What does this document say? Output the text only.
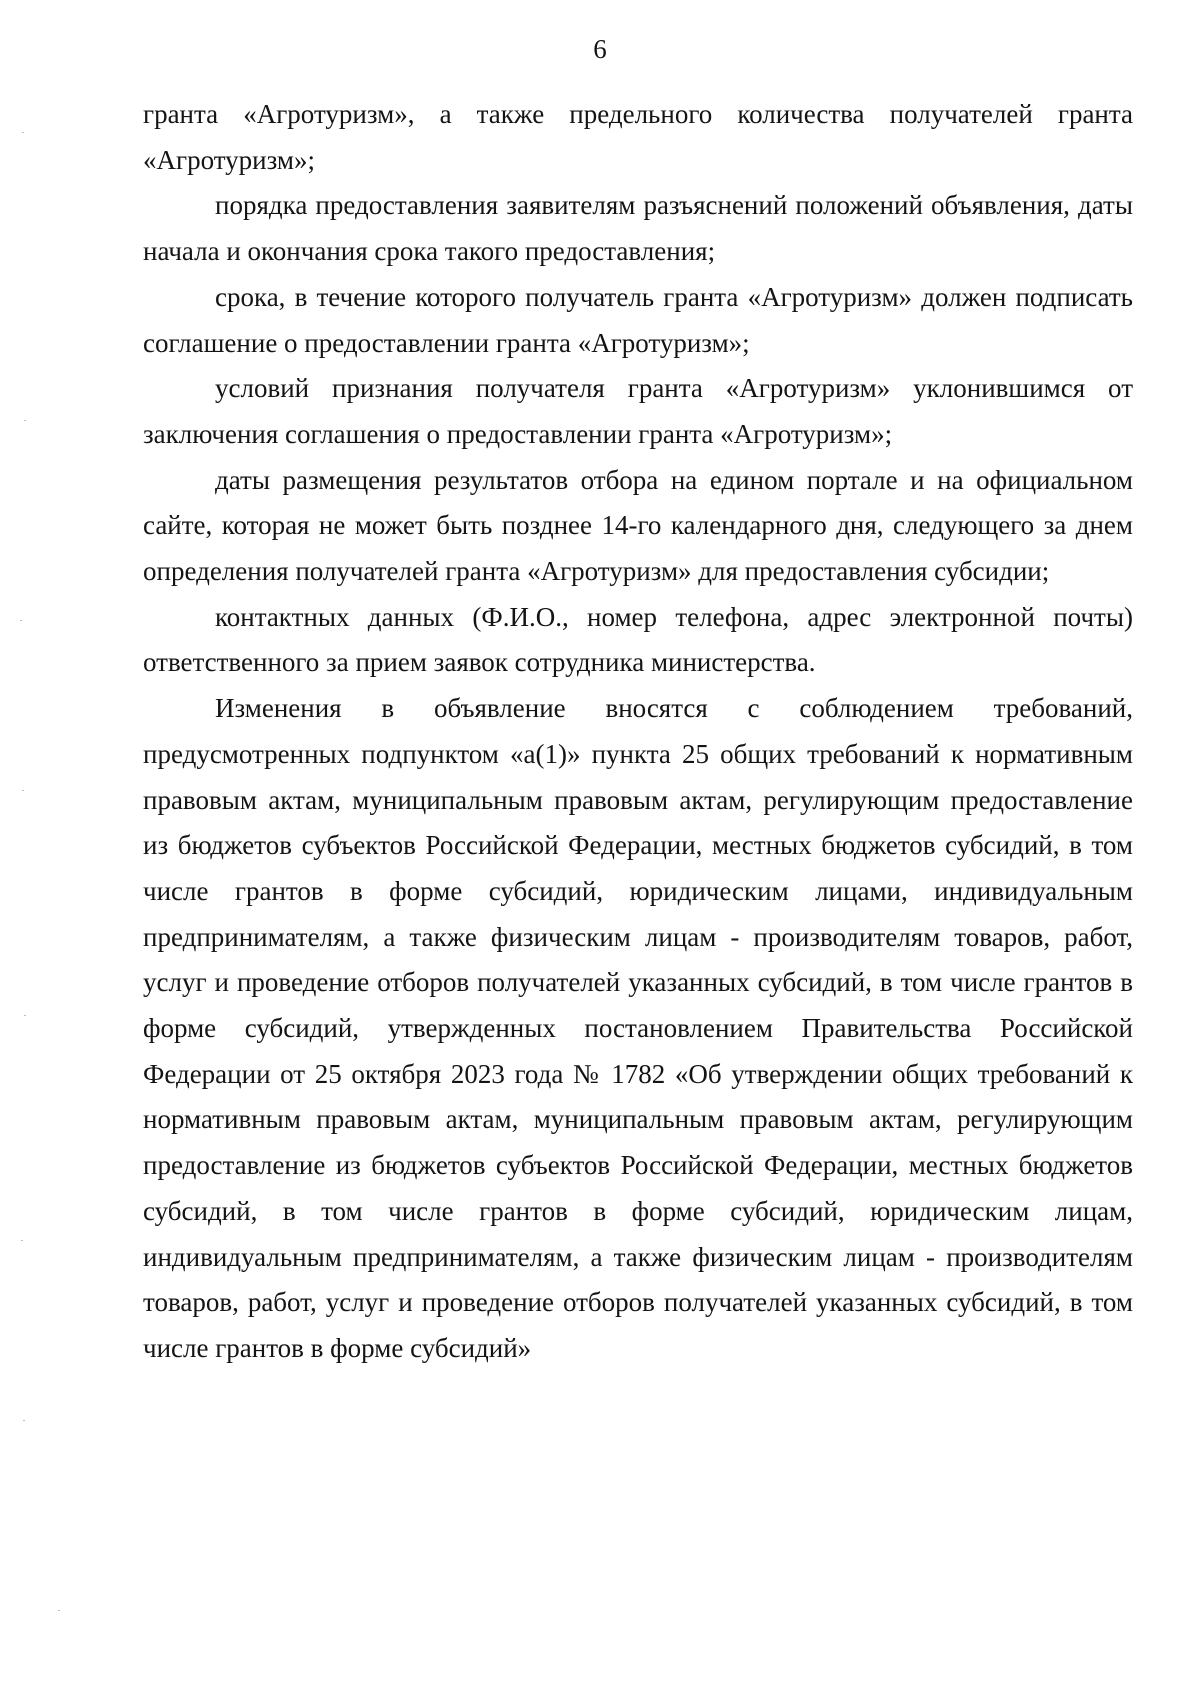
6

гранта «Агротуризм», а также предельного количества получателей гранта «Агротуризм»;

порядка предоставления заявителям разъяснений положений объявления, даты начала и окончания срока такого предоставления;

срока, в течение которого получатель гранта «Агротуризм» должен подписать соглашение о предоставлении гранта «Агротуризм»;

условий признания получателя гранта «Агротуризм» уклонившимся от заключения соглашения о предоставлении гранта «Агротуризм»;

даты размещения результатов отбора на едином портале и на официальном сайте, которая не может быть позднее 14-го календарного дня, следующего за днем определения получателей гранта «Агротуризм» для предоставления субсидии;

контактных данных (Ф.И.О., номер телефона, адрес электронной почты) ответственного за прием заявок сотрудника министерства.

Изменения в объявление вносятся с соблюдением требований, предусмотренных подпунктом «а(1)» пункта 25 общих требований к нормативным правовым актам, муниципальным правовым актам, регулирующим предоставление из бюджетов субъектов Российской Федерации, местных бюджетов субсидий, в том числе грантов в форме субсидий, юридическим лицами, индивидуальным предпринимателям, а также физическим лицам - производителям товаров, работ, услуг и проведение отборов получателей указанных субсидий, в том числе грантов в форме субсидий, утвержденных постановлением Правительства Российской Федерации от 25 октября 2023 года № 1782 «Об утверждении общих требований к нормативным правовым актам, муниципальным правовым актам, регулирующим предоставление из бюджетов субъектов Российской Федерации, местных бюджетов субсидий, в том числе грантов в форме субсидий, юридическим лицам, индивидуальным предпринимателям, а также физическим лицам - производителям товаров, работ, услуг и проведение отборов получателей указанных субсидий, в том числе грантов в форме субсидий»
